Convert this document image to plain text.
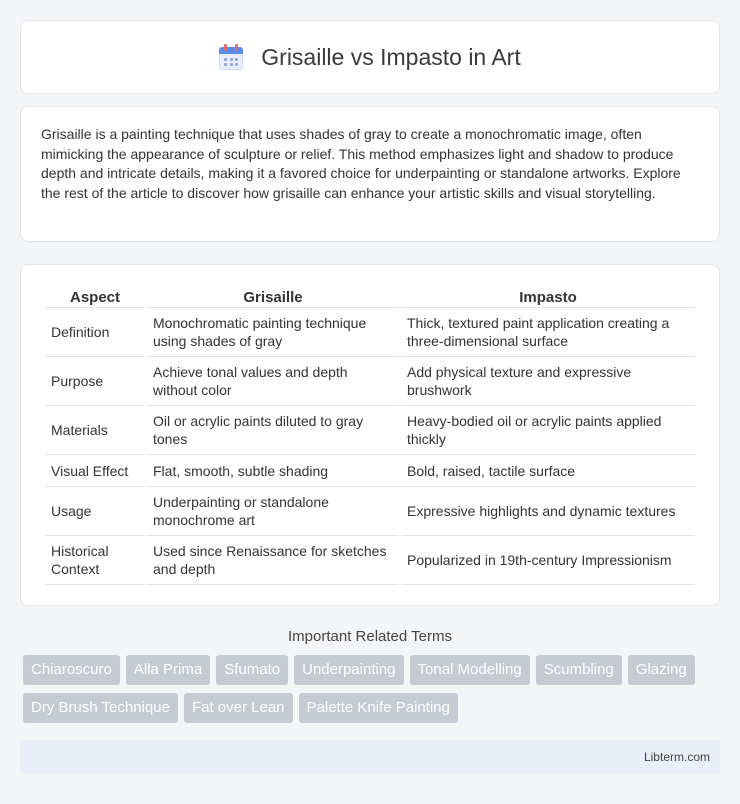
Grisaille vs Impasto in Art

Grisaille is a painting technique that uses shades of gray to create a monochromatic image, often mimicking the appearance of sculpture or relief. This method emphasizes light and shadow to produce depth and intricate details, making it a favored choice for underpainting or standalone artworks. Explore the rest of the article to discover how grisaille can enhance your artistic skills and visual storytelling.

Aspect	Grisaille	Impasto
Definition	Monochromatic painting technique using shades of gray	Thick, textured paint application creating a three-dimensional surface
Purpose	Achieve tonal values and depth without color	Add physical texture and expressive brushwork
Materials	Oil or acrylic paints diluted to gray tones	Heavy-bodied oil or acrylic paints applied thickly
Visual Effect	Flat, smooth, subtle shading	Bold, raised, tactile surface
Usage	Underpainting or standalone monochrome art	Expressive highlights and dynamic textures
Historical Context	Used since Renaissance for sketches and depth	Popularized in 19th-century Impressionism
Important Related Terms
Chiaroscuro	Alla Prima	Sfumato	Underpainting	Tonal Modelling	Scumbling	Glazing
Dry Brush Technique	Fat over Lean	Palette Knife Painting
Libterm.com
